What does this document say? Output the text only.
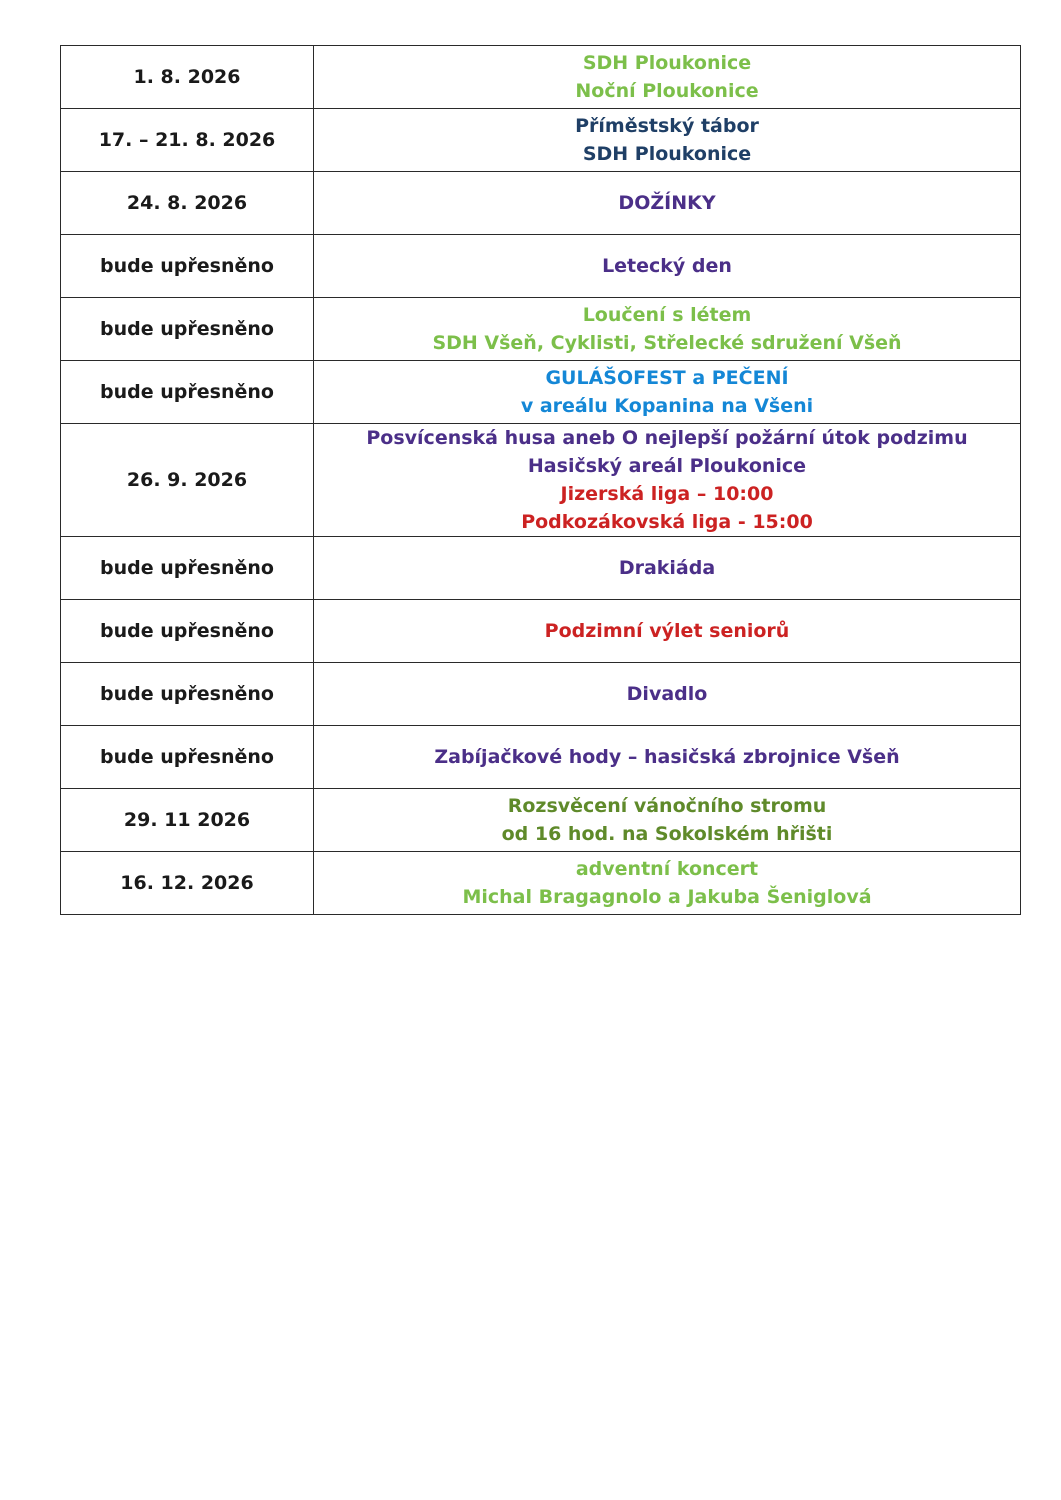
1. 8. 2026	SDH Ploukonice
Noční Ploukonice

17. – 21. 8. 2026	Příměstský tábor
SDH Ploukonice

24. 8. 2026	DOŽÍNKY

bude upřesněno	Letecký den

bude upřesněno	Loučení s létem
SDH Všeň, Cyklisti, Střelecké sdružení Všeň

bude upřesněno	GULÁŠOFEST a PEČENÍ
v areálu Kopanina na Všeni

26. 9. 2026	Posvícenská husa aneb O nejlepší požární útok podzimu
Hasičský areál Ploukonice
Jizerská liga – 10:00
Podkozákovská liga - 15:00

bude upřesněno	Drakiáda

bude upřesněno	Podzimní výlet seniorů

bude upřesněno	Divadlo

bude upřesněno	Zabíjačkové hody – hasičská zbrojnice Všeň

29. 11 2026	Rozsvěcení vánočního stromu
od 16 hod. na Sokolském hřišti

16. 12. 2026	adventní koncert
Michal Bragagnolo a Jakuba Šeniglová
